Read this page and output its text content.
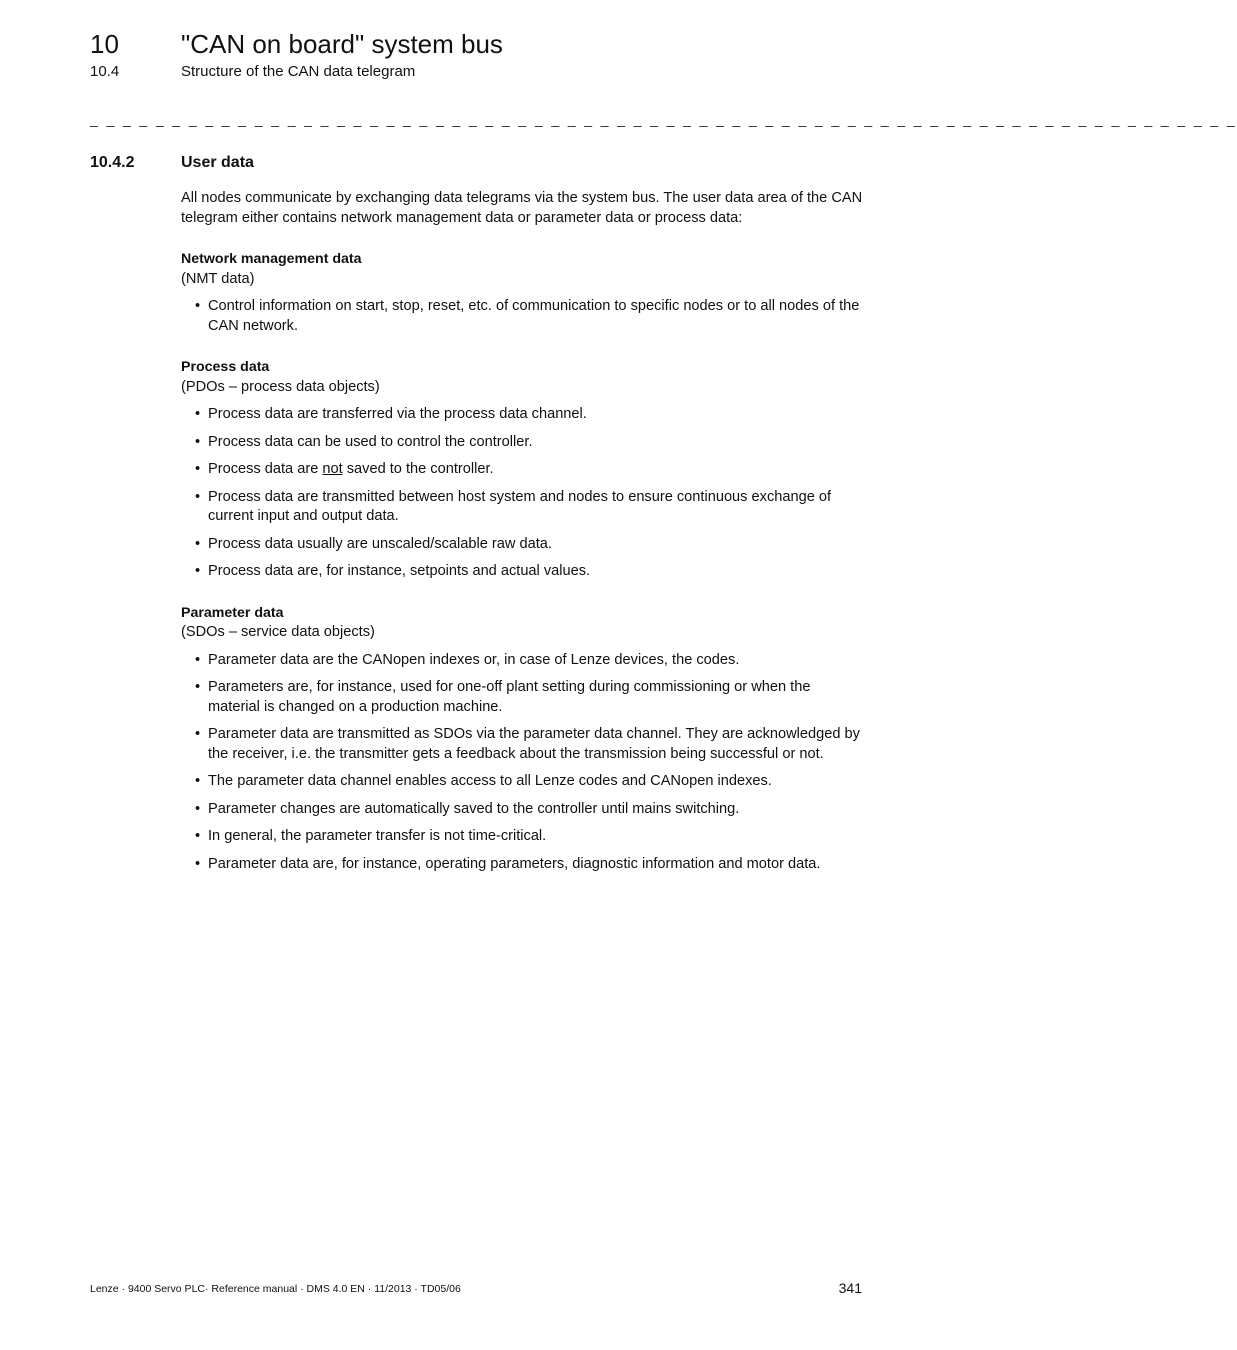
10 "CAN on board" system bus
10.4	Structure of the CAN data telegram
_ _ _ _ _ _ _ _ _ _ _ _ _ _ _ _ _ _ _ _ _ _ _ _ _ _ _ _ _ _ _ _ _ _ _ _ _ _ _ _ _ _ _ _ _ _ _ _ _ _ _ _ _ _ _ _ _ _ _ _ _ _ _ _ _ _ _ _ _ _
10.4.2	User data

All nodes communicate by exchanging data telegrams via the system bus. The user data area of the CAN telegram either contains network management data or parameter data or process data:

Network management data

(NMT data)

• Control information on start, stop, reset, etc. of communication to specific nodes or to all nodes of the CAN network.

Process data

(PDOs – process data objects)

• Process data are transferred via the process data channel.
• Process data can be used to control the controller.
• Process data are not saved to the controller.
• Process data are transmitted between host system and nodes to ensure continuous exchange of current input and output data.
• Process data usually are unscaled/scalable raw data.
• Process data are, for instance, setpoints and actual values.

Parameter data

(SDOs – service data objects)

• Parameter data are the CANopen indexes or, in case of Lenze devices, the codes.
• Parameters are, for instance, used for one-off plant setting during commissioning or when the material is changed on a production machine.
• Parameter data are transmitted as SDOs via the parameter data channel. They are acknowledged by the receiver, i.e. the transmitter gets a feedback about the transmission being successful or not.
• The parameter data channel enables access to all Lenze codes and CANopen indexes.
• Parameter changes are automatically saved to the controller until mains switching.
• In general, the parameter transfer is not time-critical.
• Parameter data are, for instance, operating parameters, diagnostic information and motor data.
Lenze · 9400 Servo PLC· Reference manual · DMS 4.0 EN · 11/2013 · TD05/06	341
